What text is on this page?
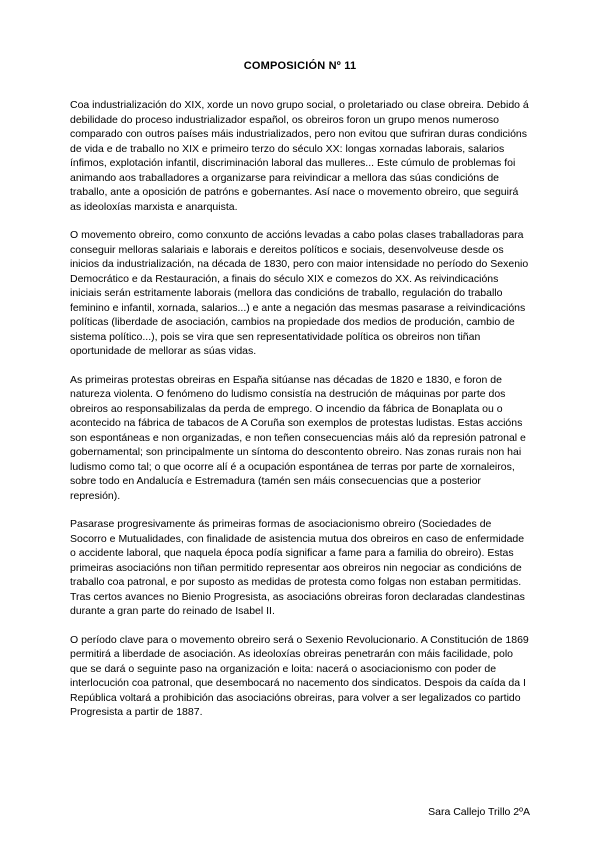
COMPOSICIÓN Nº 11
Coa industrialización do XIX, xorde un novo grupo social, o proletariado ou clase obreira. Debido á debilidade do proceso industrializador español, os obreiros foron un grupo menos numeroso comparado con outros países máis industrializados, pero non evitou que sufriran duras condicións de vida e de traballo no XIX e primeiro terzo do século XX: longas xornadas laborais, salarios ínfimos, explotación infantil, discriminación laboral das mulleres... Este cúmulo de problemas foi animando aos traballadores a organizarse para reivindicar a mellora das súas condicións de traballo, ante a oposición de patróns e gobernantes. Así nace o movemento obreiro, que seguirá as ideoloxías marxista e anarquista.
O movemento obreiro, como conxunto de accións levadas a cabo polas clases traballadoras para conseguir melloras salariais e laborais e dereitos políticos e sociais, desenvolveuse desde os inicios da industrialización, na década de 1830, pero con maior intensidade no período do Sexenio Democrático e da Restauración, a finais do século XIX e comezos do XX. As reivindicacións iniciais serán estritamente laborais (mellora das condicións de traballo, regulación do traballo feminino e infantil, xornada, salarios...) e ante a negación das mesmas pasarase a reivindicacións políticas (liberdade de asociación, cambios na propiedade dos medios de produción, cambio de sistema político...), pois se vira que sen representatividade política os obreiros non tiñan oportunidade de mellorar as súas vidas.
As primeiras protestas obreiras en España sitúanse nas décadas de 1820 e 1830, e foron de natureza violenta. O fenómeno do ludismo consistía na destrución de máquinas por parte dos obreiros ao responsabilizalas da perda de emprego. O incendio da fábrica de Bonaplata ou o acontecido na fábrica de tabacos de A Coruña son exemplos de protestas ludistas. Estas accións son espontáneas e non organizadas, e non teñen consecuencias máis aló da represión patronal e gobernamental; son principalmente un síntoma do descontento obreiro. Nas zonas rurais non hai ludismo como tal; o que ocorre alí é a ocupación espontánea de terras por parte de xornaleiros, sobre todo en Andalucía e Estremadura (tamén sen máis consecuencias que a posterior represión).
Pasarase progresivamente ás primeiras formas de asociacionismo obreiro (Sociedades de Socorro e Mutualidades, con finalidade de asistencia mutua dos obreiros en caso de enfermidade o accidente laboral, que naquela época podía significar a fame para a familia do obreiro). Estas primeiras asociacións non tiñan permitido representar aos obreiros nin negociar as condicións de traballo coa patronal, e por suposto as medidas de protesta como folgas non estaban permitidas. Tras certos avances no Bienio Progresista, as asociacións obreiras foron declaradas clandestinas durante a gran parte do reinado de Isabel II.
O período clave para o movemento obreiro será o Sexenio Revolucionario. A Constitución de 1869 permitirá a liberdade de asociación. As ideoloxías obreiras penetrarán con máis facilidade, polo que se dará o seguinte paso na organización e loita: nacerá o asociacionismo con poder de interlocución coa patronal, que desembocará no nacemento dos sindicatos. Despois da caída da I República voltará a prohibición das asociacións obreiras, para volver a ser legalizados co partido Progresista a partir de 1887.
Sara Callejo Trillo 2ºA
